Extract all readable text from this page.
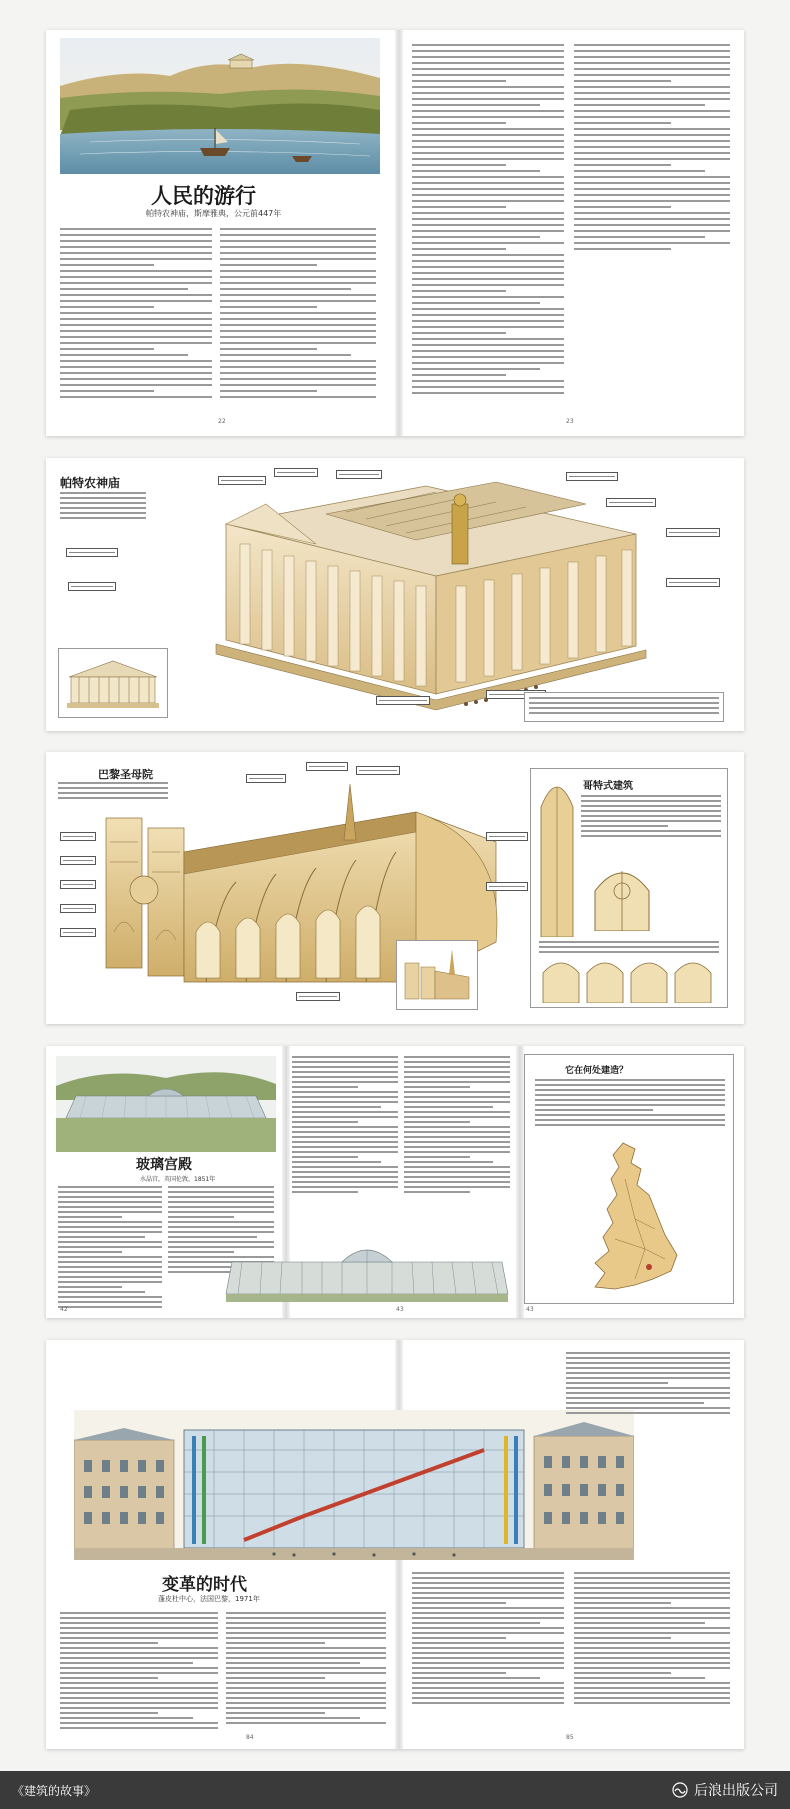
人民的游行
帕特农神庙，斯摩雅典，公元前447年
22	23
帕特农神庙
巴黎圣母院
哥特式建筑
玻璃宫殿
水晶宫，英国伦敦，1851年
42	43
它在何处建造？
43
变革的时代
蓬皮杜中心，法国巴黎，1971年
84	85
《建筑的故事》	后浪出版公司
